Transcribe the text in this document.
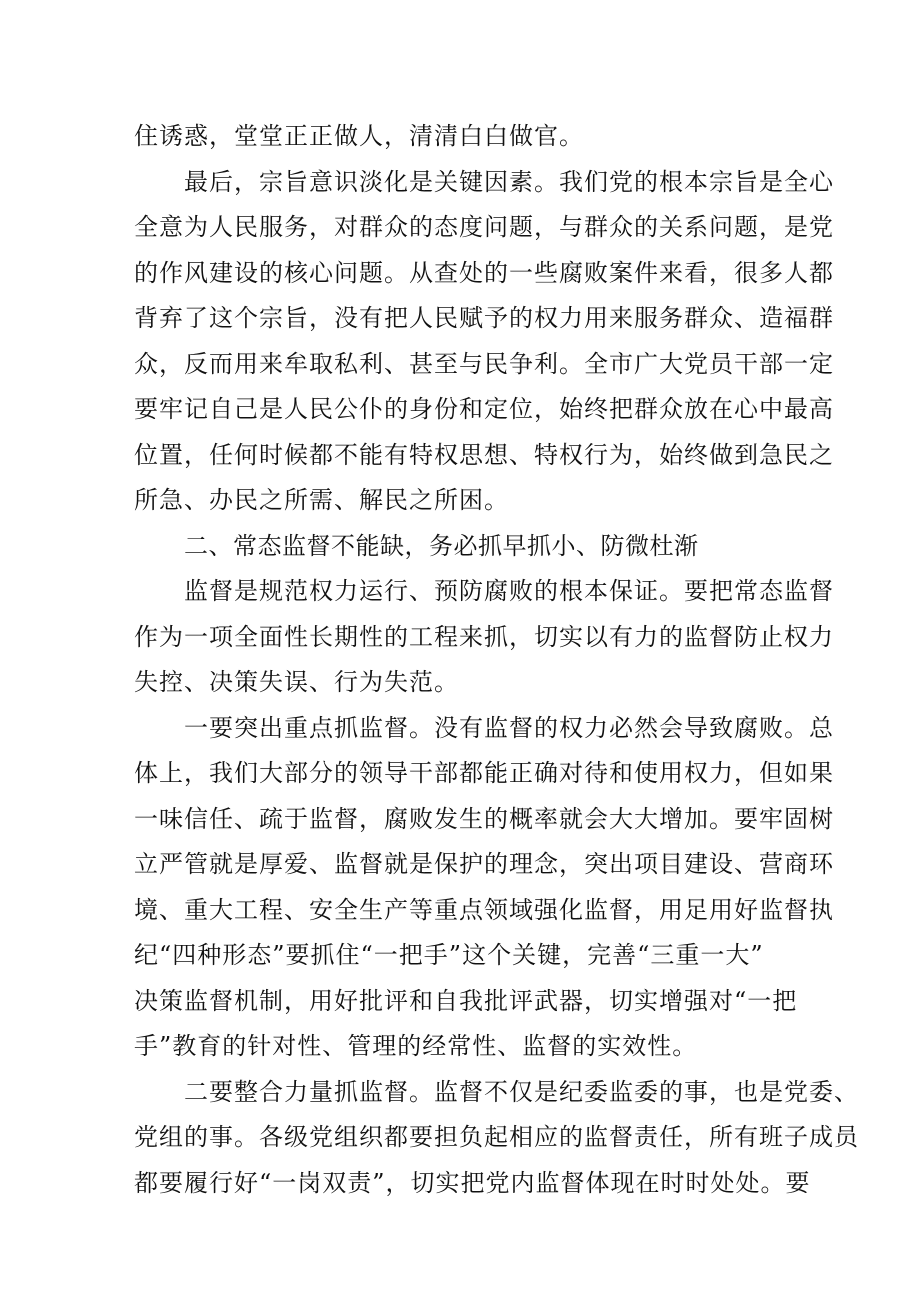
住诱惑，堂堂正正做人，清清白白做官。
最后，宗旨意识淡化是关键因素。我们党的根本宗旨是全心
全意为人民服务，对群众的态度问题，与群众的关系问题，是党
的作风建设的核心问题。从查处的一些腐败案件来看，很多人都
背弃了这个宗旨，没有把人民赋予的权力用来服务群众、造福群
众，反而用来牟取私利、甚至与民争利。全市广大党员干部一定
要牢记自己是人民公仆的身份和定位，始终把群众放在心中最高
位置，任何时候都不能有特权思想、特权行为，始终做到急民之
所急、办民之所需、解民之所困。
二、常态监督不能缺，务必抓早抓小、防微杜渐
监督是规范权力运行、预防腐败的根本保证。要把常态监督
作为一项全面性长期性的工程来抓，切实以有力的监督防止权力
失控、决策失误、行为失范。
一要突出重点抓监督。没有监督的权力必然会导致腐败。总
体上，我们大部分的领导干部都能正确对待和使用权力，但如果
一味信任、疏于监督，腐败发生的概率就会大大增加。要牢固树
立严管就是厚爱、监督就是保护的理念，突出项目建设、营商环
境、重大工程、安全生产等重点领域强化监督，用足用好监督执
纪“四种形态”要抓住“一把手”这个关键，完善“三重一大”
决策监督机制，用好批评和自我批评武器，切实增强对“一把
手”教育的针对性、管理的经常性、监督的实效性。
二要整合力量抓监督。监督不仅是纪委监委的事，也是党委、
党组的事。各级党组织都要担负起相应的监督责任，所有班子成员
都要履行好“一岗双责”，切实把党内监督体现在时时处处。要
